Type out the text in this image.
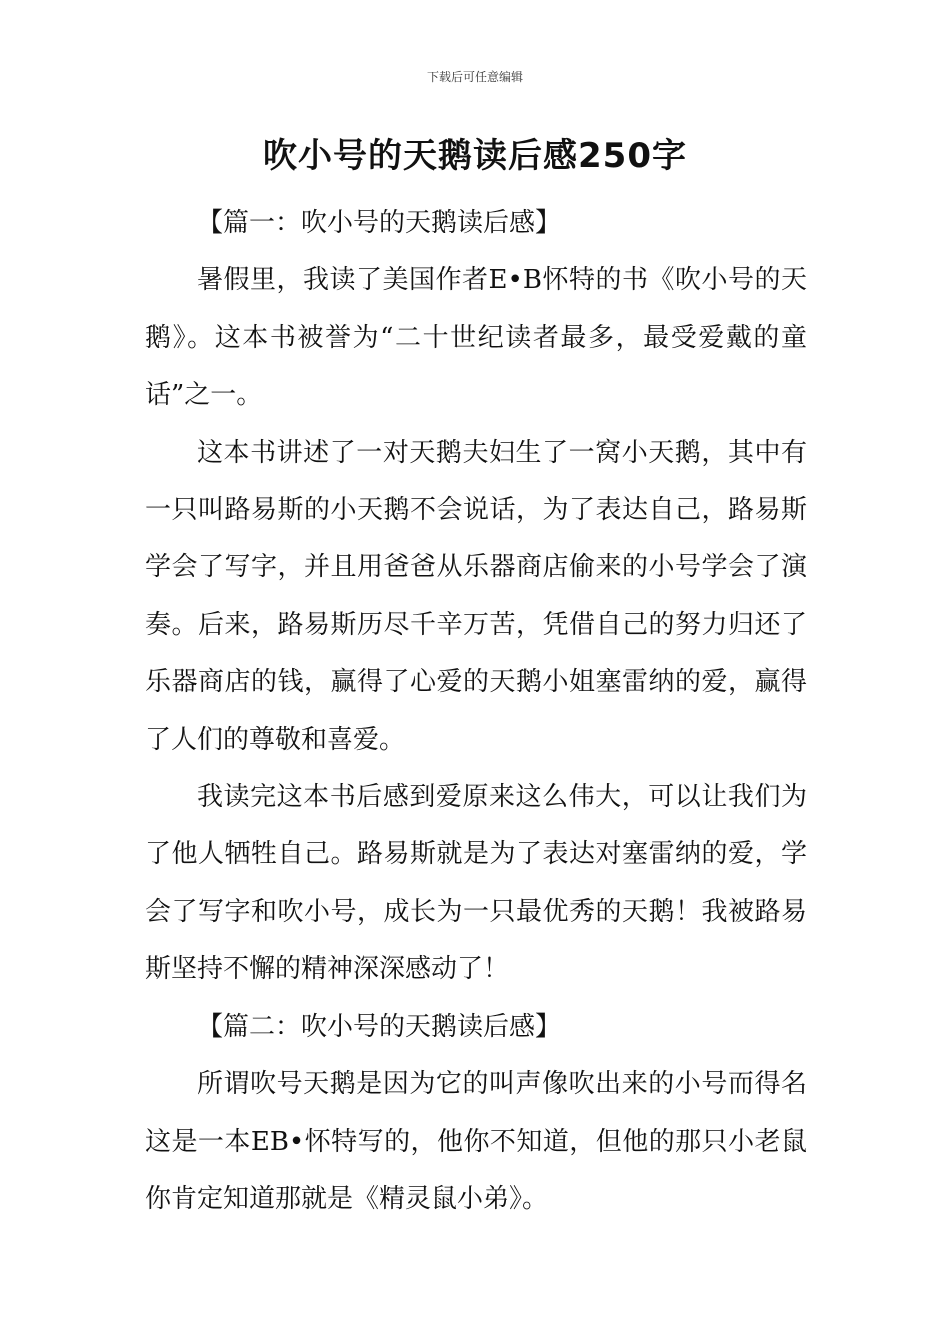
下载后可任意编辑
吹小号的天鹅读后感250字

【篇一：吹小号的天鹅读后感】

暑假里，我读了美国作者E•B怀特的书《吹小号的天鹅》。这本书被誉为“二十世纪读者最多，最受爱戴的童话”之一。

这本书讲述了一对天鹅夫妇生了一窝小天鹅，其中有一只叫路易斯的小天鹅不会说话，为了表达自己，路易斯学会了写字，并且用爸爸从乐器商店偷来的小号学会了演奏。后来，路易斯历尽千辛万苦，凭借自己的努力归还了乐器商店的钱，赢得了心爱的天鹅小姐塞雷纳的爱，赢得了人们的尊敬和喜爱。

我读完这本书后感到爱原来这么伟大，可以让我们为了他人牺牲自己。路易斯就是为了表达对塞雷纳的爱，学会了写字和吹小号，成长为一只最优秀的天鹅！我被路易斯坚持不懈的精神深深感动了！

【篇二：吹小号的天鹅读后感】

所谓吹号天鹅是因为它的叫声像吹出来的小号而得名这是一本EB•怀特写的，他你不知道，但他的那只小老鼠你肯定知道那就是《精灵鼠小弟》。
